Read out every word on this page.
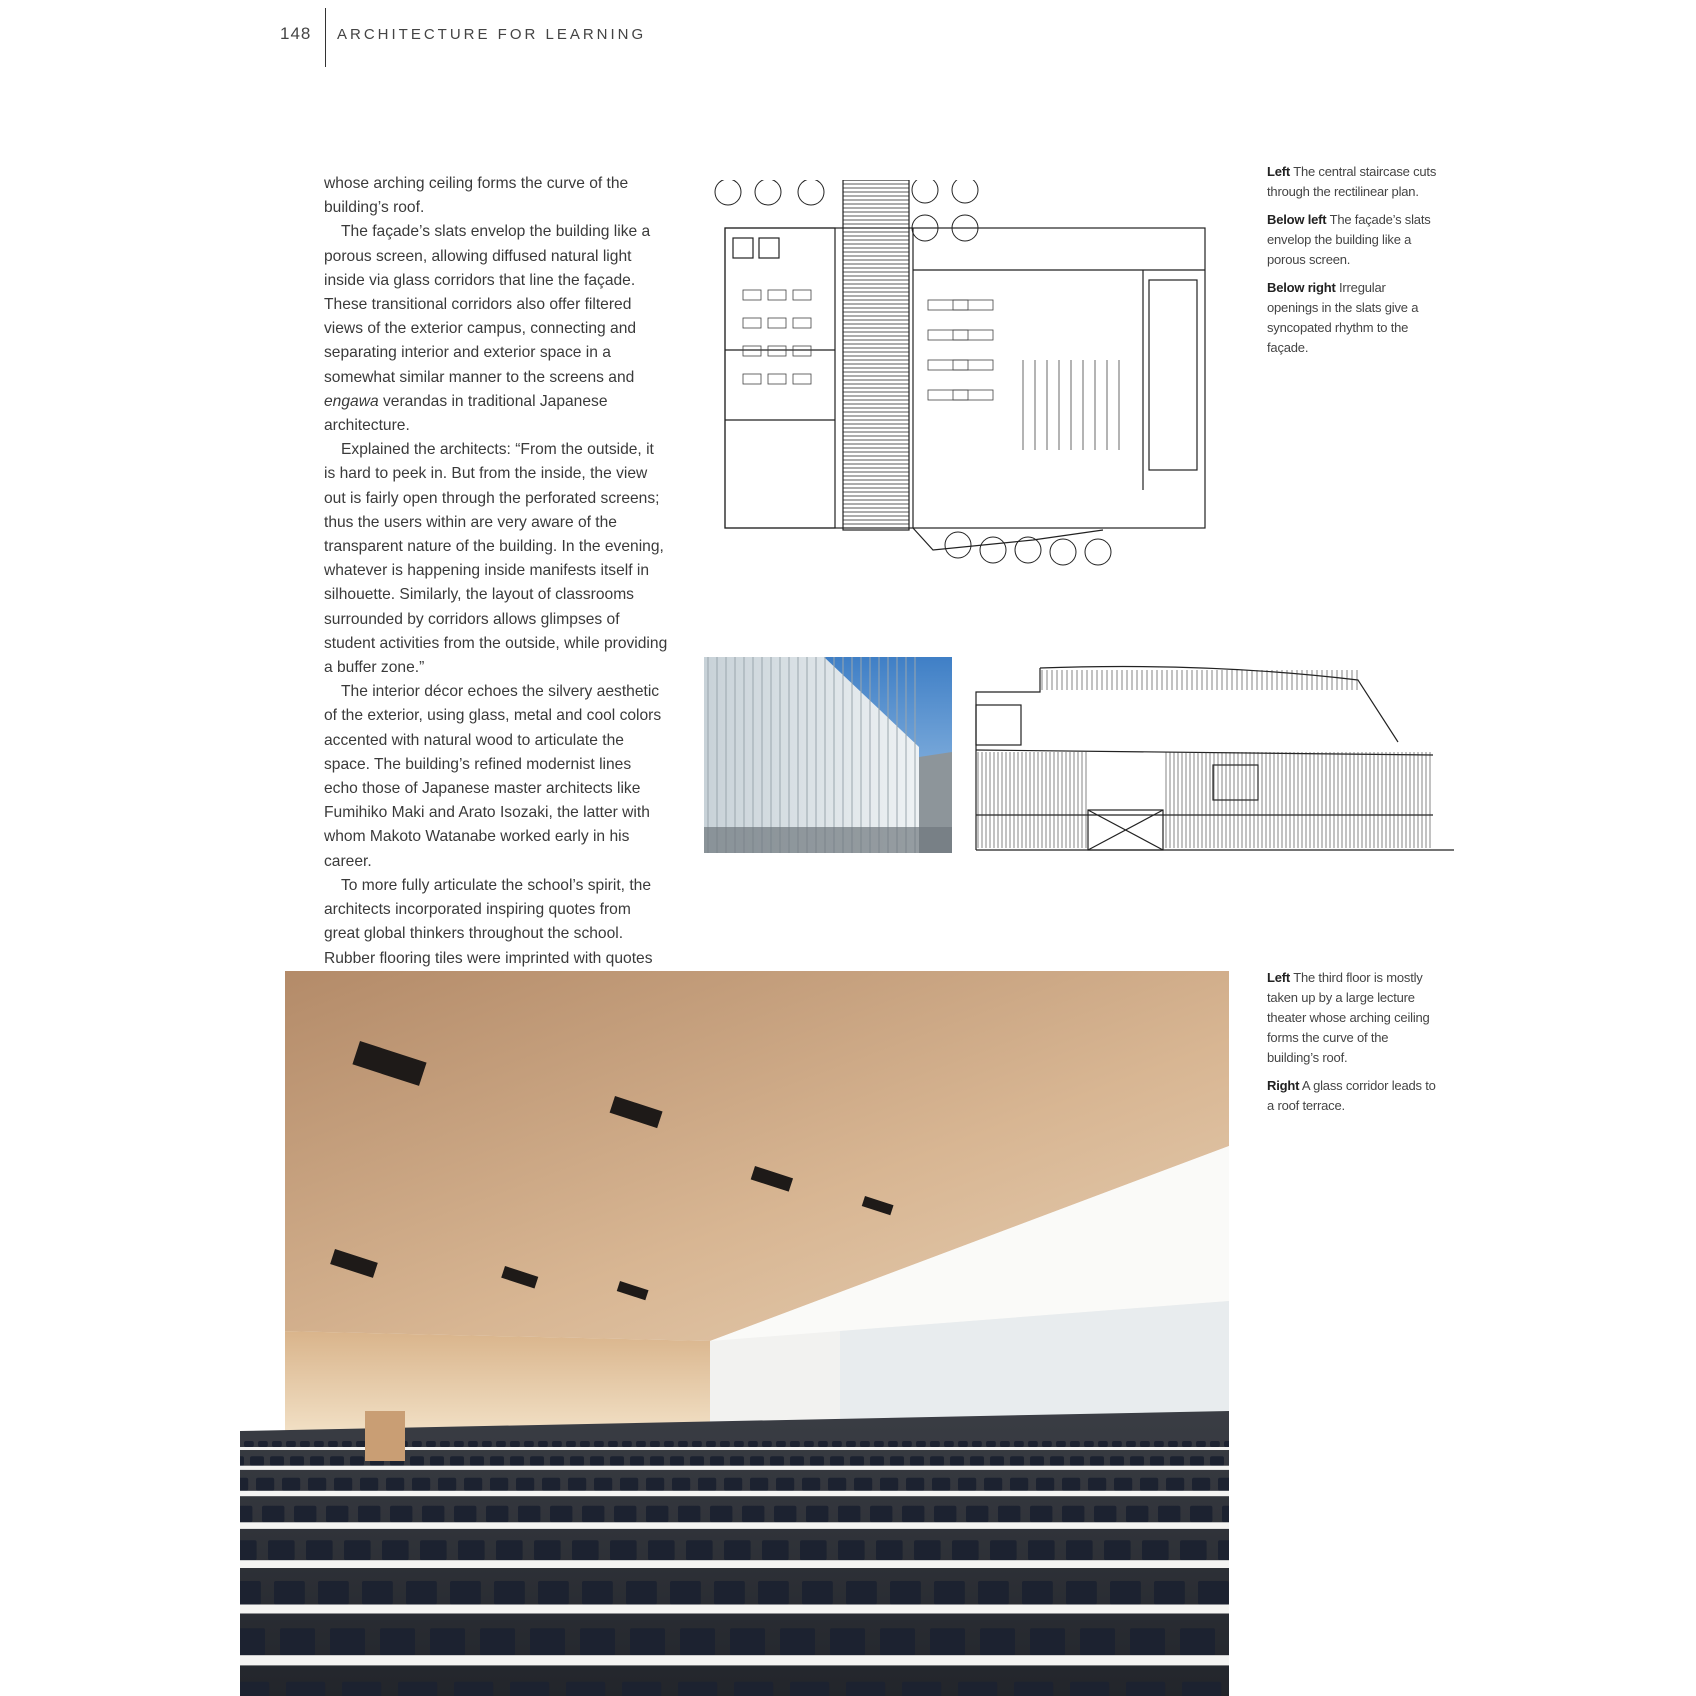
148 ARCHITECTURE FOR LEARNING

whose arching ceiling forms the curve of the building’s roof.

The façade’s slats envelop the building like a porous screen, allowing diffused natural light inside via glass corridors that line the façade. These transitional corridors also offer filtered views of the exterior campus, connecting and separating interior and exterior space in a somewhat similar manner to the screens and engawa verandas in traditional Japanese architecture.

Explained the architects: “From the outside, it is hard to peek in. But from the inside, the view out is fairly open through the perforated screens; thus the users within are very aware of the transparent nature of the building. In the evening, whatever is happening inside manifests itself in silhouette. Similarly, the layout of classrooms surrounded by corridors allows glimpses of student activities from the outside, while providing a buffer zone.”

The interior décor echoes the silvery aesthetic of the exterior, using glass, metal and cool colors accented with natural wood to articulate the space. The building’s refined modernist lines echo those of Japanese master architects like Fumihiko Maki and Arato Isozaki, the latter with whom Makoto Watanabe worked early in his career.

To more fully articulate the school’s spirit, the architects incorporated inspiring quotes from great global thinkers throughout the school. Rubber flooring tiles were imprinted with quotes

Left The central staircase cuts through the rectilinear plan.

Below left The façade’s slats envelop the building like a porous screen.

Below right Irregular openings in the slats give a syncopated rhythm to the façade.

Left The third floor is mostly taken up by a large lecture theater whose arching ceiling forms the curve of the building’s roof.

Right A glass corridor leads to a roof terrace.
